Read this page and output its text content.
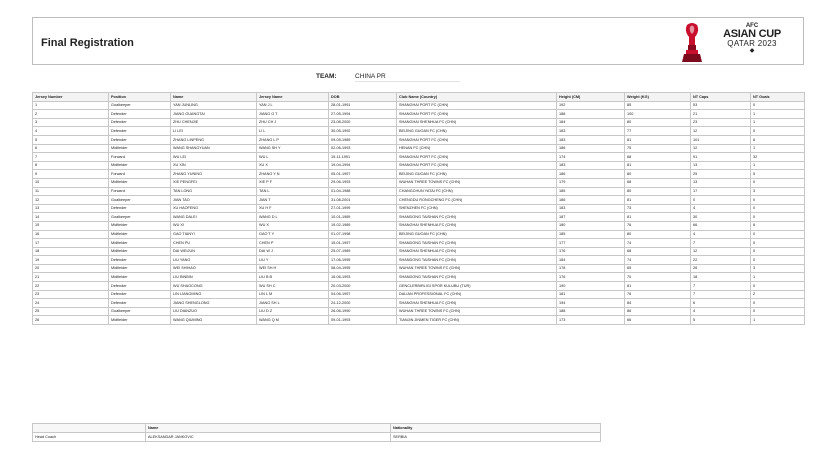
Final Registration
AFC
ASIAN CUP
QATAR 2023
◆
TEAM:	CHINA PR
Jersey Number	Position	Name	Jersey Name	DOB	Club Name (Country)	Height (CM)	Weight (KG)	NT Caps	NT Goals
1	Goalkeeper	YAN JUNLING	YAN J L	28-01-1991	SHANGHAI PORT FC (CHN)	192	85	53	0
2	Defender	JIANG GUANGTAI	JIANG G T	27-05-1994	SHANGHAI PORT FC (CHN)	188	100	21	1
3	Defender	ZHU CHENJIE	ZHU CH J	23-08-2000	SHANGHAI SHENHUA FC (CHN)	184	80	23	1
4	Defender	LI LEI	LI L	30-05-1992	BEIJING GUOAN FC (CHN)	183	77	12	0
5	Defender	ZHANG LINPENG	ZHANG L P	09-05-1989	SHANGHAI PORT FC (CHN)	183	81	101	6
6	Midfielder	WANG SHANGYUAN	WANG SH Y	02-06-1993	HENAN FC (CHN)	186	75	12	1
7	Forward	WU LEI	WU L	19-11-1991	SHANGHAI PORT FC (CHN)	174	68	91	32
8	Midfielder	XU XIN	XU X	19-04-1994	SHANGHAI PORT FC (CHN)	183	81	13	1
9	Forward	ZHANG YUNING	ZHANG Y N	05-01-1997	BEIJING GUOAN FC (CHN)	186	80	25	5
10	Midfielder	XIE PENGFEI	XIE P F	29-06-1993	WUHAN THREE TOWNS FC (CHN)	179	68	13	0
11	Forward	TAN LONG	TAN L	01-04-1988	CHANGCHUN YATAI FC (CHN)	185	80	17	3
12	Goalkeeper	JIAN TAO	JIAN T	31-08-2001	CHENGDU RONGCHENG FC (CHN)	186	81	0	0
13	Defender	XU HAOFENG	XU H F	27-01-1999	SHENZHEN FC (CHN)	183	73	4	0
14	Goalkeeper	WANG DALEI	WANG D L	10-01-1989	SHANDONG TAISHAN FC (CHN)	187	81	30	0
15	Midfielder	WU XI	WU X	19-02-1989	SHANGHAI SHENHUA FC (CHN)	180	76	66	6
16	Midfielder	GAO TIANYI	GAO T Y	01-07-1998	BEIJING GUOAN FC (CHN)	185	80	4	0
17	Midfielder	CHEN PU	CHEN P	15-01-1997	SHANDONG TAISHAN FC (CHN)	177	74	7	0
18	Midfielder	DAI WEIJUN	DAI W J	25-07-1989	SHANGHAI SHENHUA FC (CHN)	176	68	12	0
19	Defender	LIU YANG	LIU Y	17-06-1995	SHANDONG TAISHAN FC (CHN)	184	74	22	0
20	Midfielder	WEI SHIHAO	WEI SH H	08-04-1995	WUHAN THREE TOWNS FC (CHN)	178	65	26	3
21	Midfielder	LIU BINBIN	LIU B B	16-06-1993	SHANDONG TAISHAN FC (CHN)	176	70	18	1
22	Defender	WU SHAOCONG	WU SH C	20-03-2000	GENCLERBIRLIGI SPOR KULUBU (TUR)	190	81	7	0
23	Defender	LIN LIANGMING	LIN L M	04-06-1997	DALIAN PROFESSIONAL FC (CHN)	181	76	7	2
24	Defender	JIANG SHENGLONG	JIANG SH L	24-12-2000	SHANGHAI SHENHUA FC (CHN)	194	84	6	0
25	Goalkeeper	LIU DIANZUO	LIU D Z	26-06-1990	WUHAN THREE TOWNS FC (CHN)	188	86	4	0
26	Midfielder	WANG QIUMING	WANG Q M	09-01-1993	TIANJIN JINMEN TIGER FC (CHN)	173	66	5	1
	Name	Nationality
Head Coach	ALEKSANDAR JANKOVIC	SERBIA
